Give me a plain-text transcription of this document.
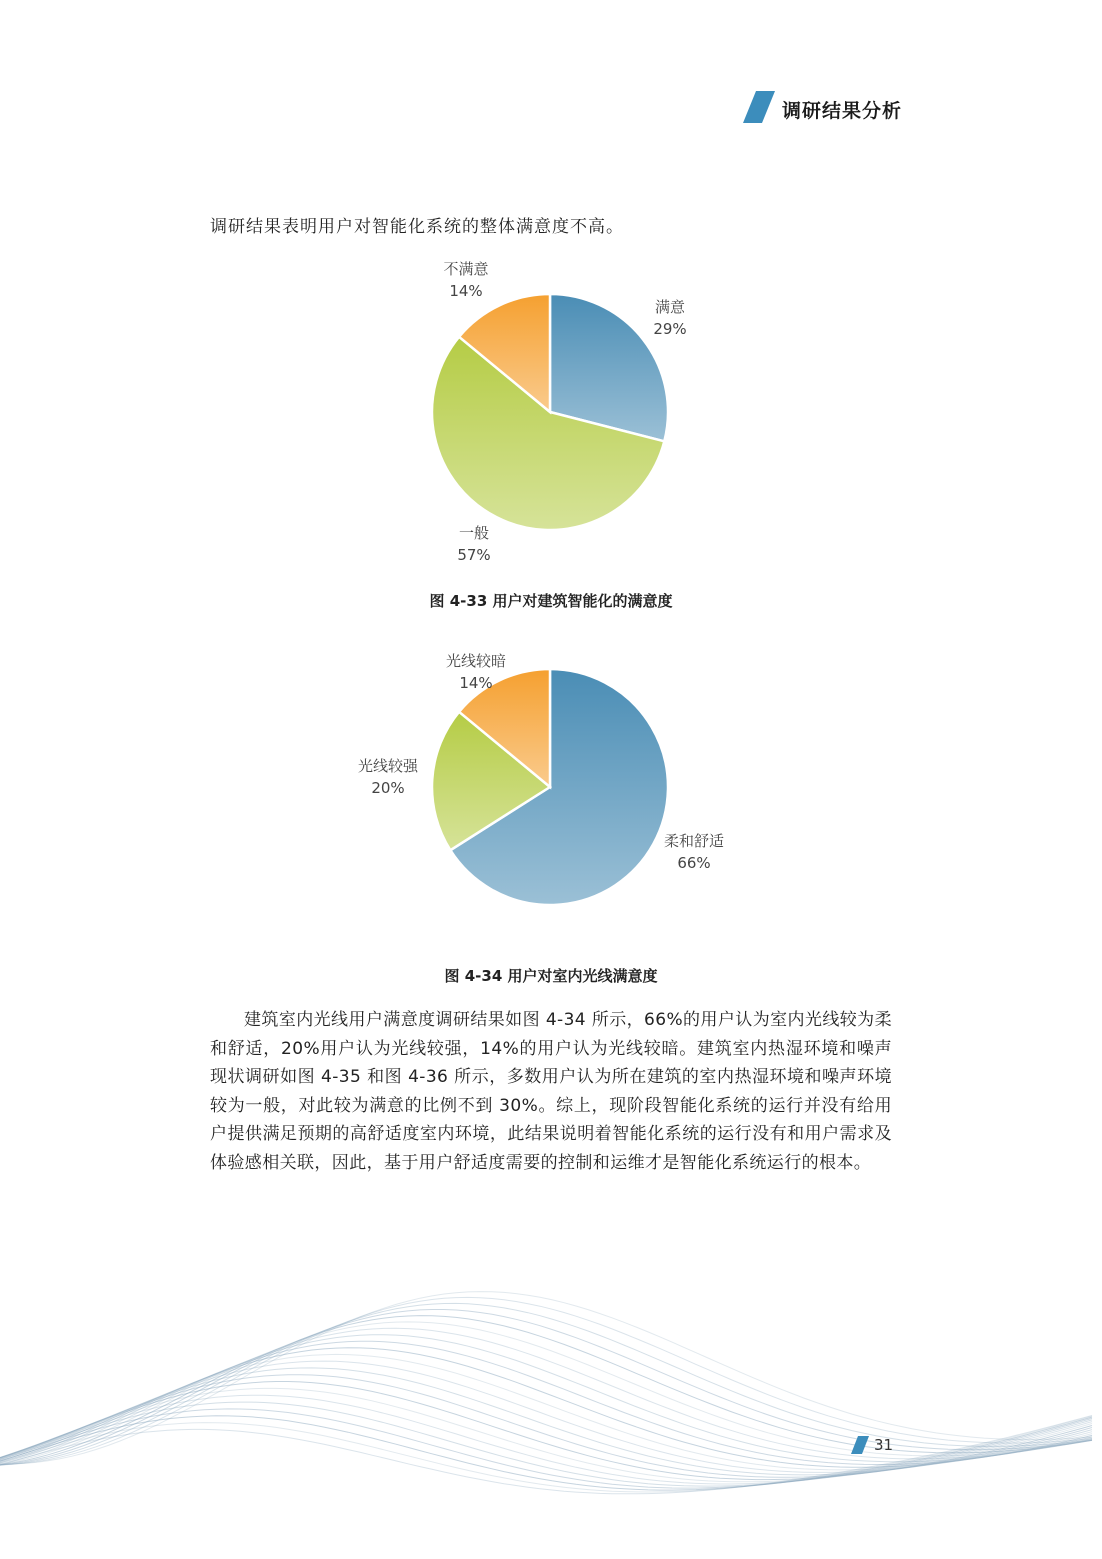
调研结果分析
调研结果表明用户对智能化系统的整体满意度不高。
满意
29%
一般
57%
不满意
14%
图 4-33 用户对建筑智能化的满意度
柔和舒适
66%
光线较强
20%
光线较暗
14%
图 4-34 用户对室内光线满意度
建筑室内光线用户满意度调研结果如图 4-34 所示，66%的用户认为室内光线较为柔和舒适，20%用户认为光线较强，14%的用户认为光线较暗。建筑室内热湿环境和噪声现状调研如图 4-35 和图 4-36 所示，多数用户认为所在建筑的室内热湿环境和噪声环境较为一般，对此较为满意的比例不到 30%。综上，现阶段智能化系统的运行并没有给用户提供满足预期的高舒适度室内环境，此结果说明着智能化系统的运行没有和用户需求及体验感相关联，因此，基于用户舒适度需要的控制和运维才是智能化系统运行的根本。
31
